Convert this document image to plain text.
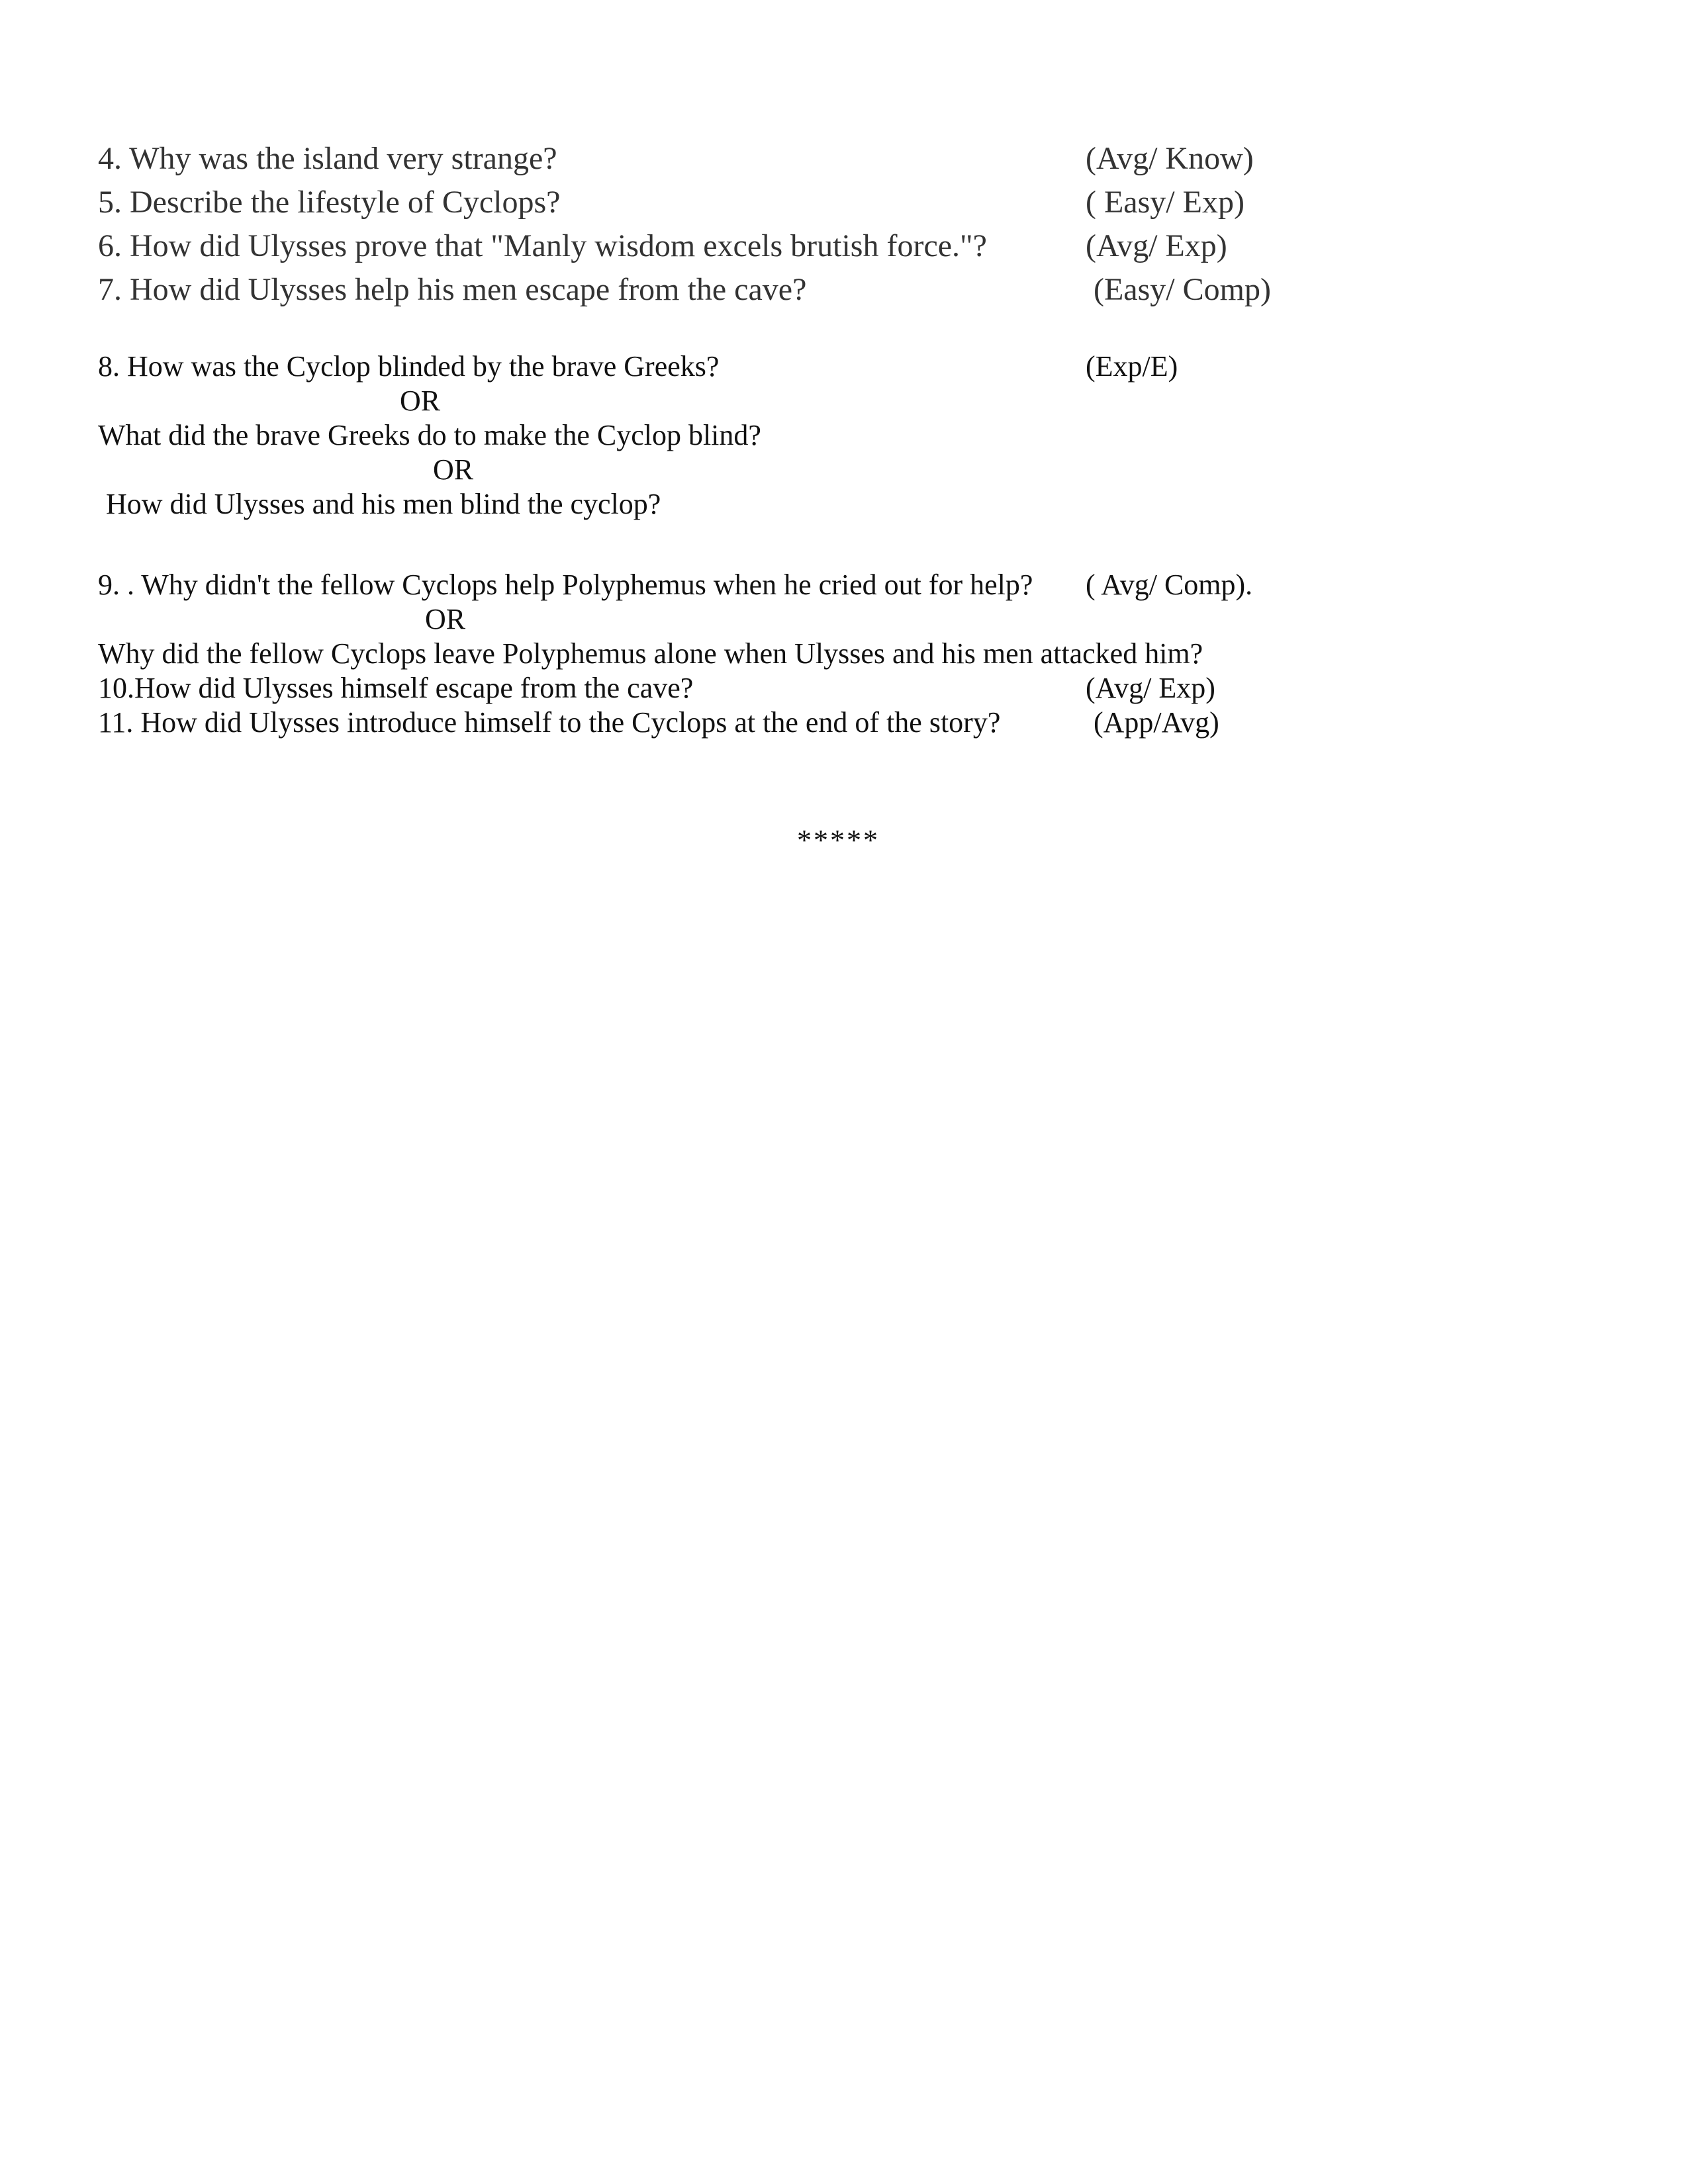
4. Why was the island very strange?	(Avg/ Know)
5. Describe the lifestyle of Cyclops?	( Easy/ Exp)
6. How did Ulysses prove that "Manly wisdom excels brutish force."?	(Avg/ Exp)
7. How did Ulysses help his men escape from the cave?	(Easy/ Comp)
8. How was the Cyclop blinded by the brave Greeks?	(Exp/E)
OR
What did the brave Greeks do to make the Cyclop blind?
OR
How did Ulysses and his men blind the cyclop?
9. . Why didn't the fellow Cyclops help Polyphemus when he cried out for help? ( Avg/ Comp).
OR
Why did the fellow Cyclops leave Polyphemus alone when Ulysses and his men attacked him?
10.How did Ulysses himself escape from the cave?	(Avg/ Exp)
11. How did Ulysses introduce himself to the Cyclops at the end of the story?	(App/Avg)
*****
